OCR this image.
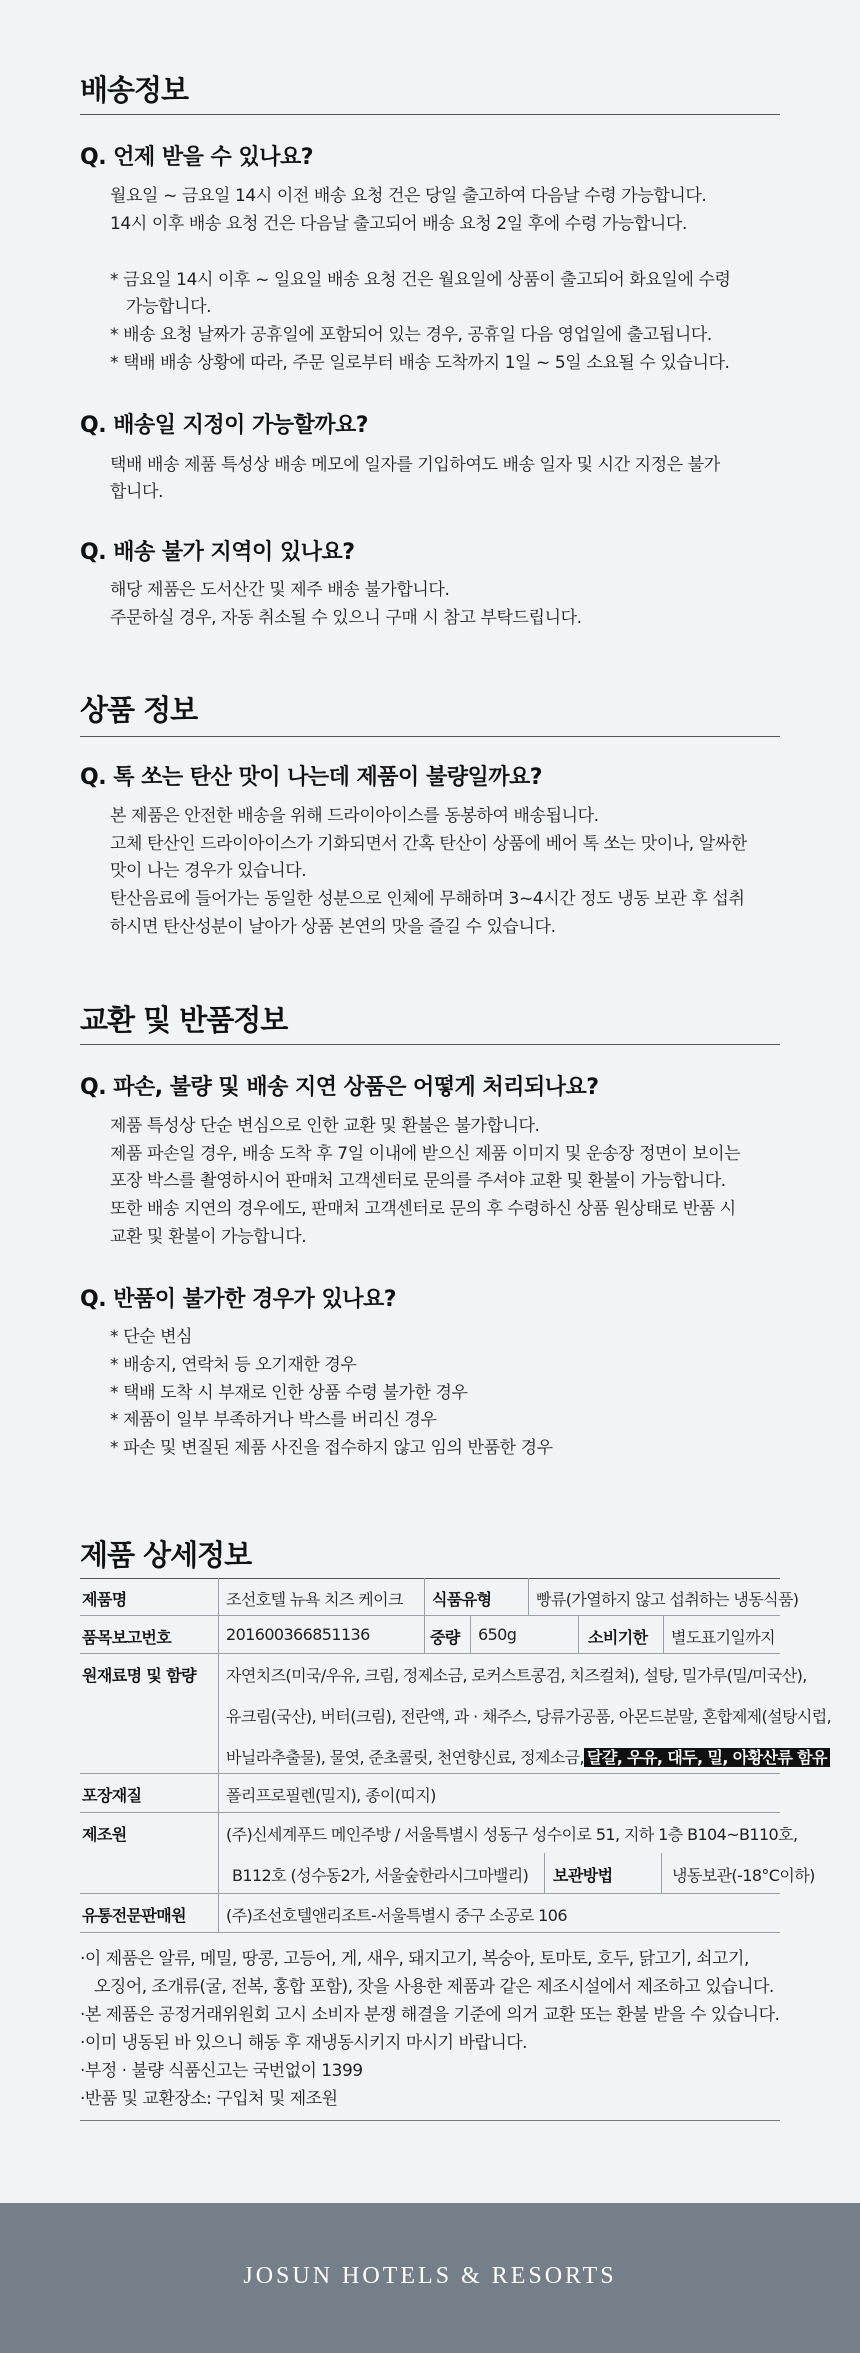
배송정보
Q. 언제 받을 수 있나요?
월요일 ~ 금요일 14시 이전 배송 요청 건은 당일 출고하여 다음날 수령 가능합니다.
14시 이후 배송 요청 건은 다음날 출고되어 배송 요청 2일 후에 수령 가능합니다.
* 금요일 14시 이후 ~ 일요일 배송 요청 건은 월요일에 상품이 출고되어 화요일에 수령
가능합니다.
* 배송 요청 날짜가 공휴일에 포함되어 있는 경우, 공휴일 다음 영업일에 출고됩니다.
* 택배 배송 상황에 따라, 주문 일로부터 배송 도착까지 1일 ~ 5일 소요될 수 있습니다.
Q. 배송일 지정이 가능할까요?
택배 배송 제품 특성상 배송 메모에 일자를 기입하여도 배송 일자 및 시간 지정은 불가
합니다.
Q. 배송 불가 지역이 있나요?
해당 제품은 도서산간 및 제주 배송 불가합니다.
주문하실 경우, 자동 취소될 수 있으니 구매 시 참고 부탁드립니다.
상품 정보
Q. 톡 쏘는 탄산 맛이 나는데 제품이 불량일까요?
본 제품은 안전한 배송을 위해 드라이아이스를 동봉하여 배송됩니다.
고체 탄산인 드라이아이스가 기화되면서 간혹 탄산이 상품에 베어 톡 쏘는 맛이나, 알싸한
맛이 나는 경우가 있습니다.
탄산음료에 들어가는 동일한 성분으로 인체에 무해하며 3~4시간 정도 냉동 보관 후 섭취
하시면 탄산성분이 날아가 상품 본연의 맛을 즐길 수 있습니다.
교환 및 반품정보
Q. 파손, 불량 및 배송 지연 상품은 어떻게 처리되나요?
제품 특성상 단순 변심으로 인한 교환 및 환불은 불가합니다.
제품 파손일 경우, 배송 도착 후 7일 이내에 받으신 제품 이미지 및 운송장 정면이 보이는
포장 박스를 촬영하시어 판매처 고객센터로 문의를 주셔야 교환 및 환불이 가능합니다.
또한 배송 지연의 경우에도, 판매처 고객센터로 문의 후 수령하신 상품 원상태로 반품 시
교환 및 환불이 가능합니다.
Q. 반품이 불가한 경우가 있나요?
* 단순 변심
* 배송지, 연락처 등 오기재한 경우
* 택배 도착 시 부재로 인한 상품 수령 불가한 경우
* 제품이 일부 부족하거나 박스를 버리신 경우
* 파손 및 변질된 제품 사진을 접수하지 않고 임의 반품한 경우
제품 상세정보
제품명	조선호텔 뉴욕 치즈 케이크 식품유형	빵류(가열하지 않고 섭취하는 냉동식품)
품목보고번호	201600366851136	중량 650g	소비기한 별도표기일까지
원재료명 및 함량 자연치즈(미국/우유, 크림, 정제소금, 로커스트콩검, 치즈컬쳐), 설탕, 밀가루(밀/미국산),
유크림(국산), 버터(크림), 전란액, 과 · 채주스, 당류가공품, 아몬드분말, 혼합제제(설탕시럽,
바닐라추출물), 물엿, 준초콜릿, 천연향신료, 정제소금, 달걀, 우유, 대두, 밀, 아황산류 함유
포장재질	폴리프로필렌(밀지), 종이(띠지)
제조원	(주)신세계푸드 메인주방 / 서울특별시 성동구 성수이로 51, 지하 1층 B104~B110호,
B112호 (성수동2가, 서울숲한라시그마밸리) 보관방법	냉동보관(-18°C이하)
유통전문판매원	(주)조선호텔앤리조트-서울특별시 중구 소공로 106
·이 제품은 알류, 메밀, 땅콩, 고등어, 게, 새우, 돼지고기, 복숭아, 토마토, 호두, 닭고기, 쇠고기,
오징어, 조개류(굴, 전복, 홍합 포함), 잣을 사용한 제품과 같은 제조시설에서 제조하고 있습니다.
·본 제품은 공정거래위원회 고시 소비자 분쟁 해결을 기준에 의거 교환 또는 환불 받을 수 있습니다.
·이미 냉동된 바 있으니 해동 후 재냉동시키지 마시기 바랍니다.
·부정 · 불량 식품신고는 국번없이 1399
·반품 및 교환장소: 구입처 및 제조원
JOSUN HOTELS & RESORTS
